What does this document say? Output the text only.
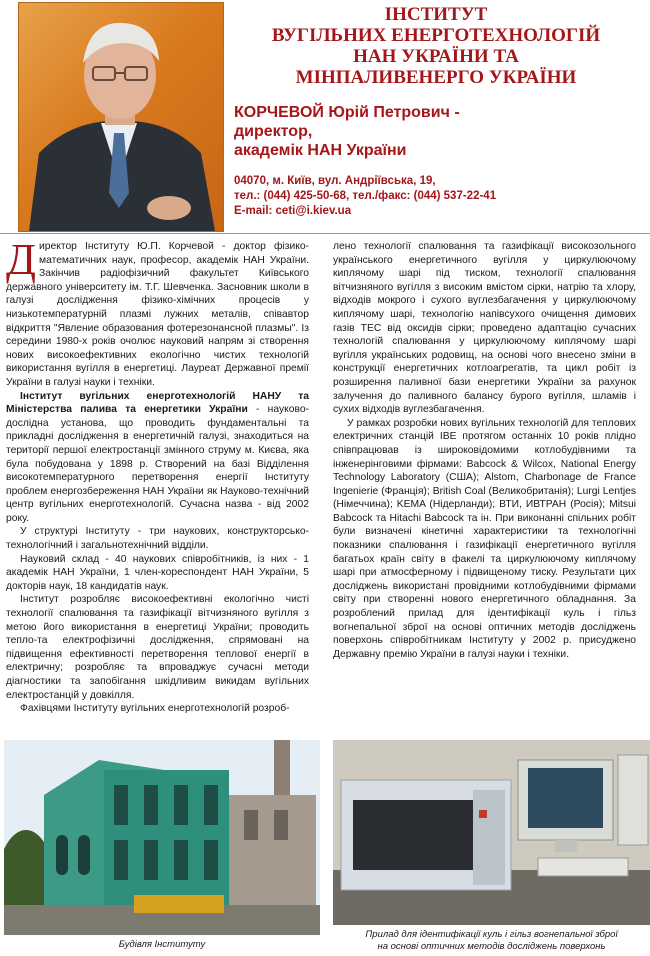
ІНСТИТУТ
ВУГІЛЬНИХ ЕНЕРГОТЕХНОЛОГІЙ
НАН УКРАЇНИ ТА
МІНПАЛИВЕНЕРГО УКРАЇНИ
КОРЧЕВОЙ Юрій Петрович -
директор,
академік НАН України
04070, м. Київ, вул. Андріївська, 19,
тел.: (044) 425-50-68, тел./факс: (044) 537-22-41
E-mail: ceti@i.kiev.ua

Директор Інституту Ю.П. Корчевой - доктор фізико-математичних наук, професор, академік НАН України. Закінчив радіофізичний факультет Київського державного університету ім. Т.Г. Шевченка. Засновник школи в галузі дослідження фізико-хімічних процесів у низькотемпературній плазмі лужних металів, співавтор відкриття "Явление образования фотерезонансной плазмы". Із середини 1980-х років очолює науковий напрям зі створення нових високоефективних екологічно чистих технологій використання вугілля в енергетиці. Лауреат Державної премії України в галузі науки і техніки.

Інститут вугільних енерготехнологій НАНУ та Міністерства палива та енергетики України - науково-дослідна установа, що проводить фундаментальні та прикладні дослідження в енергетичній галузі, знаходиться на території першої електростанції змінного струму м. Києва, яка була побудована у 1898 р. Створений на базі Відділення високотемпературного перетворення енергії Інституту проблем енергозбереження НАН України як Науково-технічний центр вугільних енерготехнологій. Сучасна назва - від 2002 року.

У структурі Інституту - три наукових, конструкторсько-технологічний і загальнотехнічний відділи.

Науковий склад - 40 наукових співробітників, із них - 1 академік НАН України, 1 член-кореспондент НАН України, 5 докторів наук, 18 кандидатів наук.

Інститут розробляє високоефективні екологічно чисті технології спалювання та газифікації вітчизняного вугілля з метою його використання в енергетиці України; проводить тепло-та електрофізичні дослідження, спрямовані на підвищення ефективності перетворення теплової енергії в електричну; розробляє та впроваджує сучасні методи діагностики та запобігання шкідливим викидам вугільних електростанцій у довкілля.

Фахівцями Інституту вугільних енерготехнологій розроб-

лено технології спалювання та газифікації високозольного українського енергетичного вугілля у циркулюючому киплячому шарі під тиском, технології спалювання вітчизняного вугілля з високим вмістом сірки, натрію та хлору, відходів мокрого і сухого вуглезбагачення у циркулюючому киплячому шарі, технологію напівсухого очищення димових газів ТЕС від оксидів сірки; проведено адаптацію сучасних технологій спалювання у циркулюючому киплячому шарі вугілля українських родовищ, на основі чого внесено зміни в конструкції енергетичних котлоагрегатів, та цикл робіт із розширення паливної бази енергетики України за рахунок залучення до паливного балансу бурого вугілля, шламів і сухих відходів вуглезбагачення.

У рамках розробки нових вугільних технологій для теплових електричних станцій ІВЕ протягом останніх 10 років плідно співпрацював із широковідомими котлобудівними та інженерінговими фірмами: Babcock & Wilcox, National Energy Technology Laboratory (США); Alstom, Charbonage de France Ingenierie (Франція); British Coal (Великобританія); Lurgi Lentjes (Німеччина); KEMA (Нідерланди); ВТИ, ИВТРАН (Росія); Mitsui Babcock та Hitachi Babcock та ін. При виконанні спільних робіт були визначені кінетичні характеристики та технологічні показники спалювання і газифікації енергетичного вугілля багатьох країн світу в факелі та циркулюючому киплячому шарі при атмосферному і підвищеному тиску. Результати цих досліджень використані провідними котлобудівними фірмами світу при створенні нового енергетичного обладнання. За розроблений прилад для ідентифікації куль і гільз вогнепальної зброї на основі оптичних методів досліджень поверхонь співробітникам Інституту у 2002 р. присуджено Державну премію України в галузі науки і техніки.

Будівля Інституту
Прилад для ідентифікації куль і гільз вогнепальної зброї
на основі оптичних методів досліджень поверхонь
